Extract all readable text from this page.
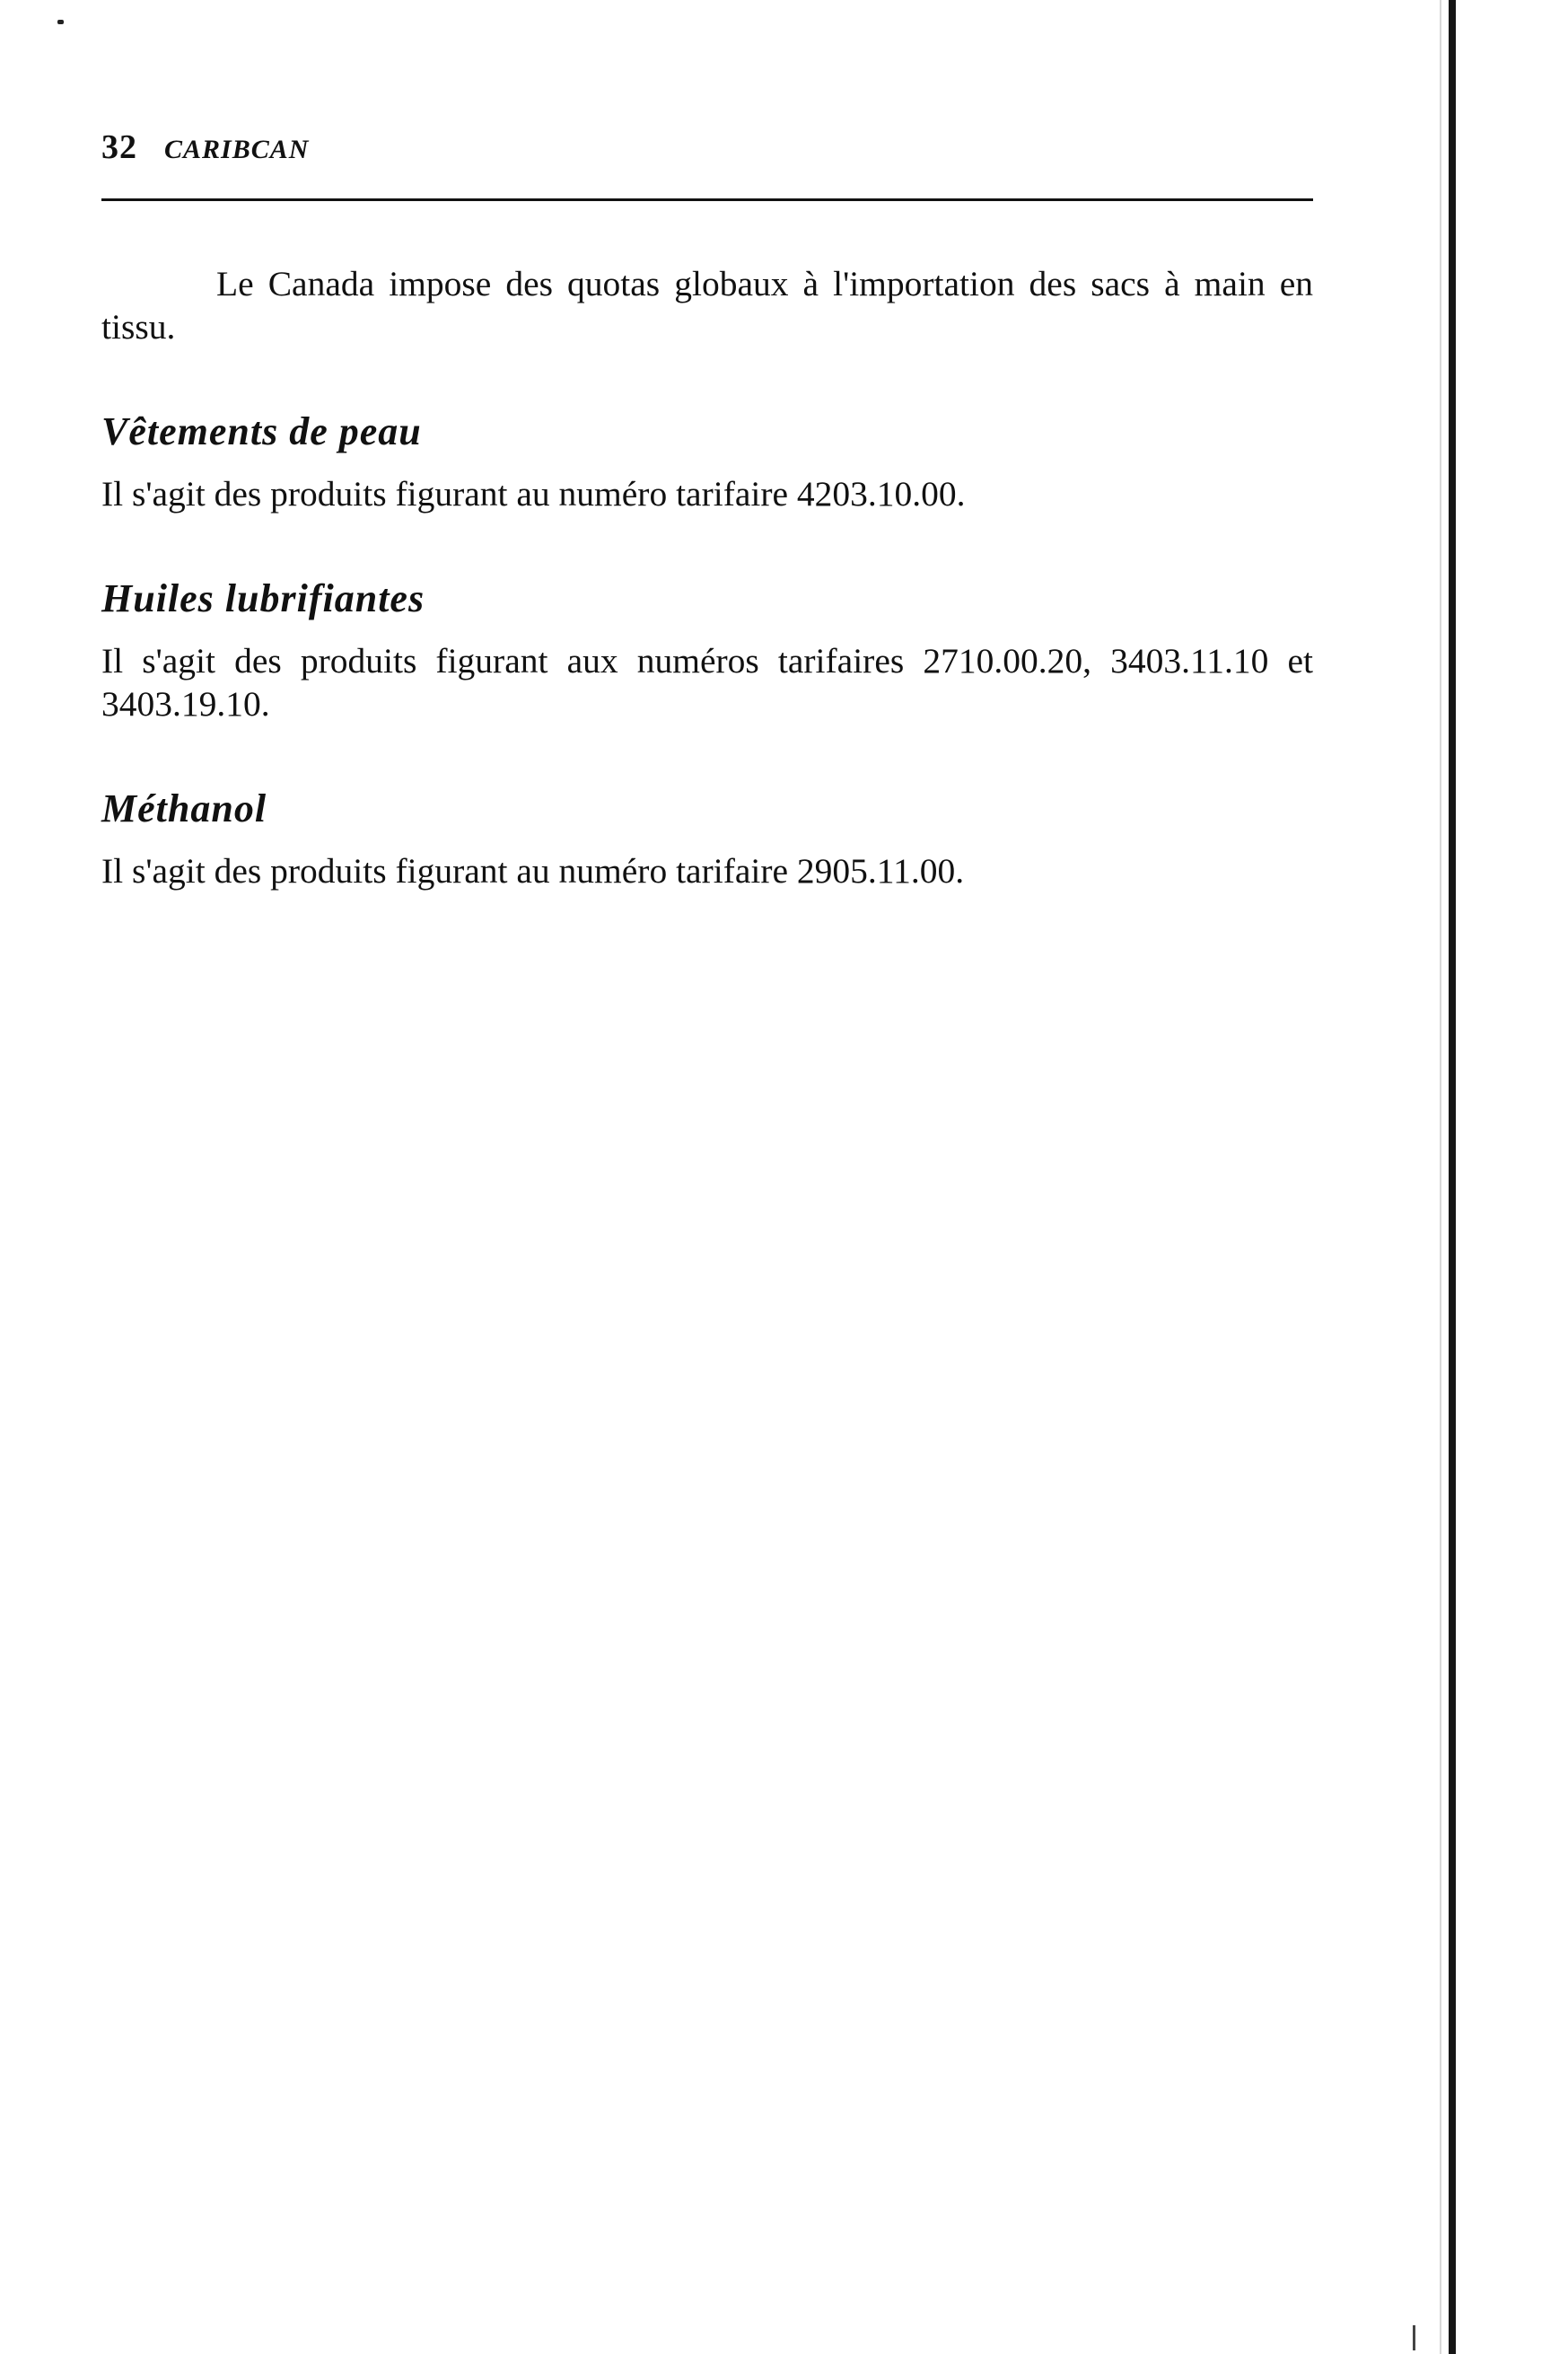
32 CARIBCAN

Le Canada impose des quotas globaux à l'importation des sacs à main en tissu.

Vêtements de peau

Il s'agit des produits figurant au numéro tarifaire 4203.10.00.

Huiles lubrifiantes

Il s'agit des produits figurant aux numéros tarifaires 2710.00.20, 3403.11.10 et 3403.19.10.

Méthanol

Il s'agit des produits figurant au numéro tarifaire 2905.11.00.
